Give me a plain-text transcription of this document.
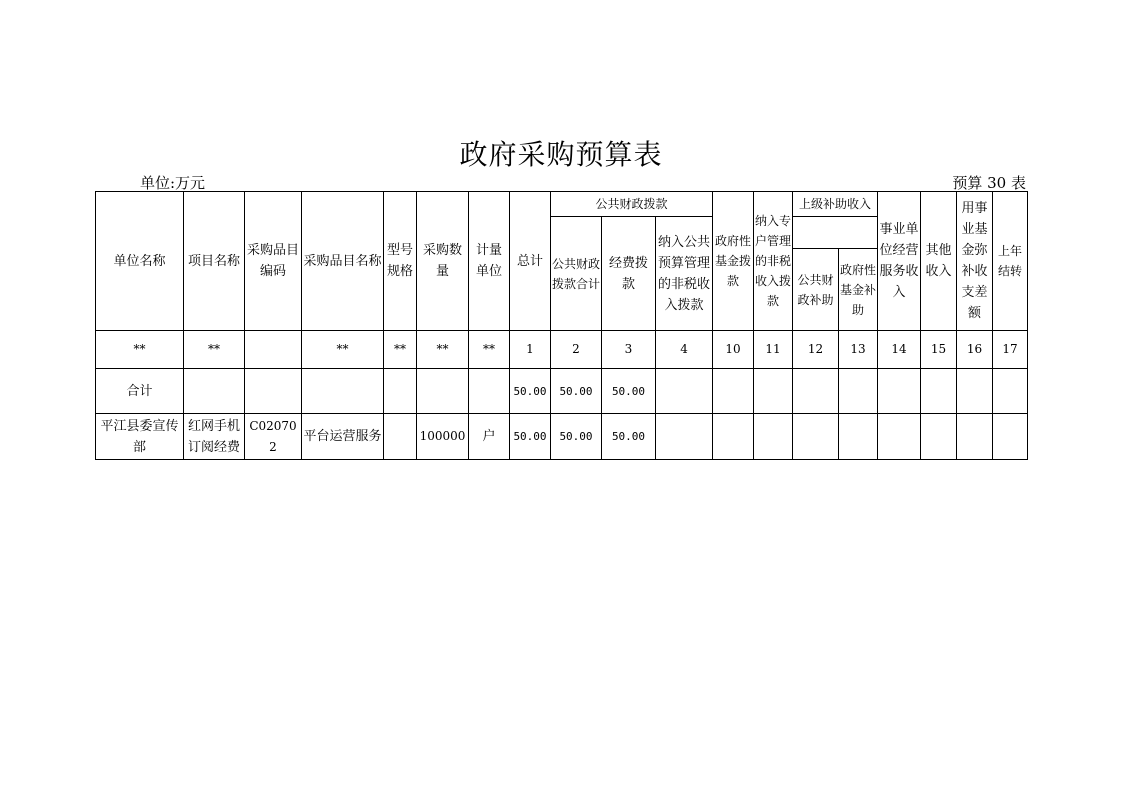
政府采购预算表
单位:万元	预算 30 表
单位名称	项目名称	采购品目编码	采购品目名称	型号规格	采购数量	计量单位	总计	公共财政拨款			政府性基金拨款	纳入专户管理的非税收入拨款	上级补助收入		事业单位经营服务收入	其他收入	用事业基金弥补收支差额	上年结转
								公共财政拨款合计	经费拨款	纳入公共预算管理的非税收入拨款								
													公共财政补助	政府性基金补助				
**	**		**	**	**	**	1	2	3	4	10	11	12	13	14	15	16	17
合计							50.00	50.00	50.00									
平江县委宣传部	红网手机订阅经费	C020702	平台运营服务		100000	户	50.00	50.00	50.00									
